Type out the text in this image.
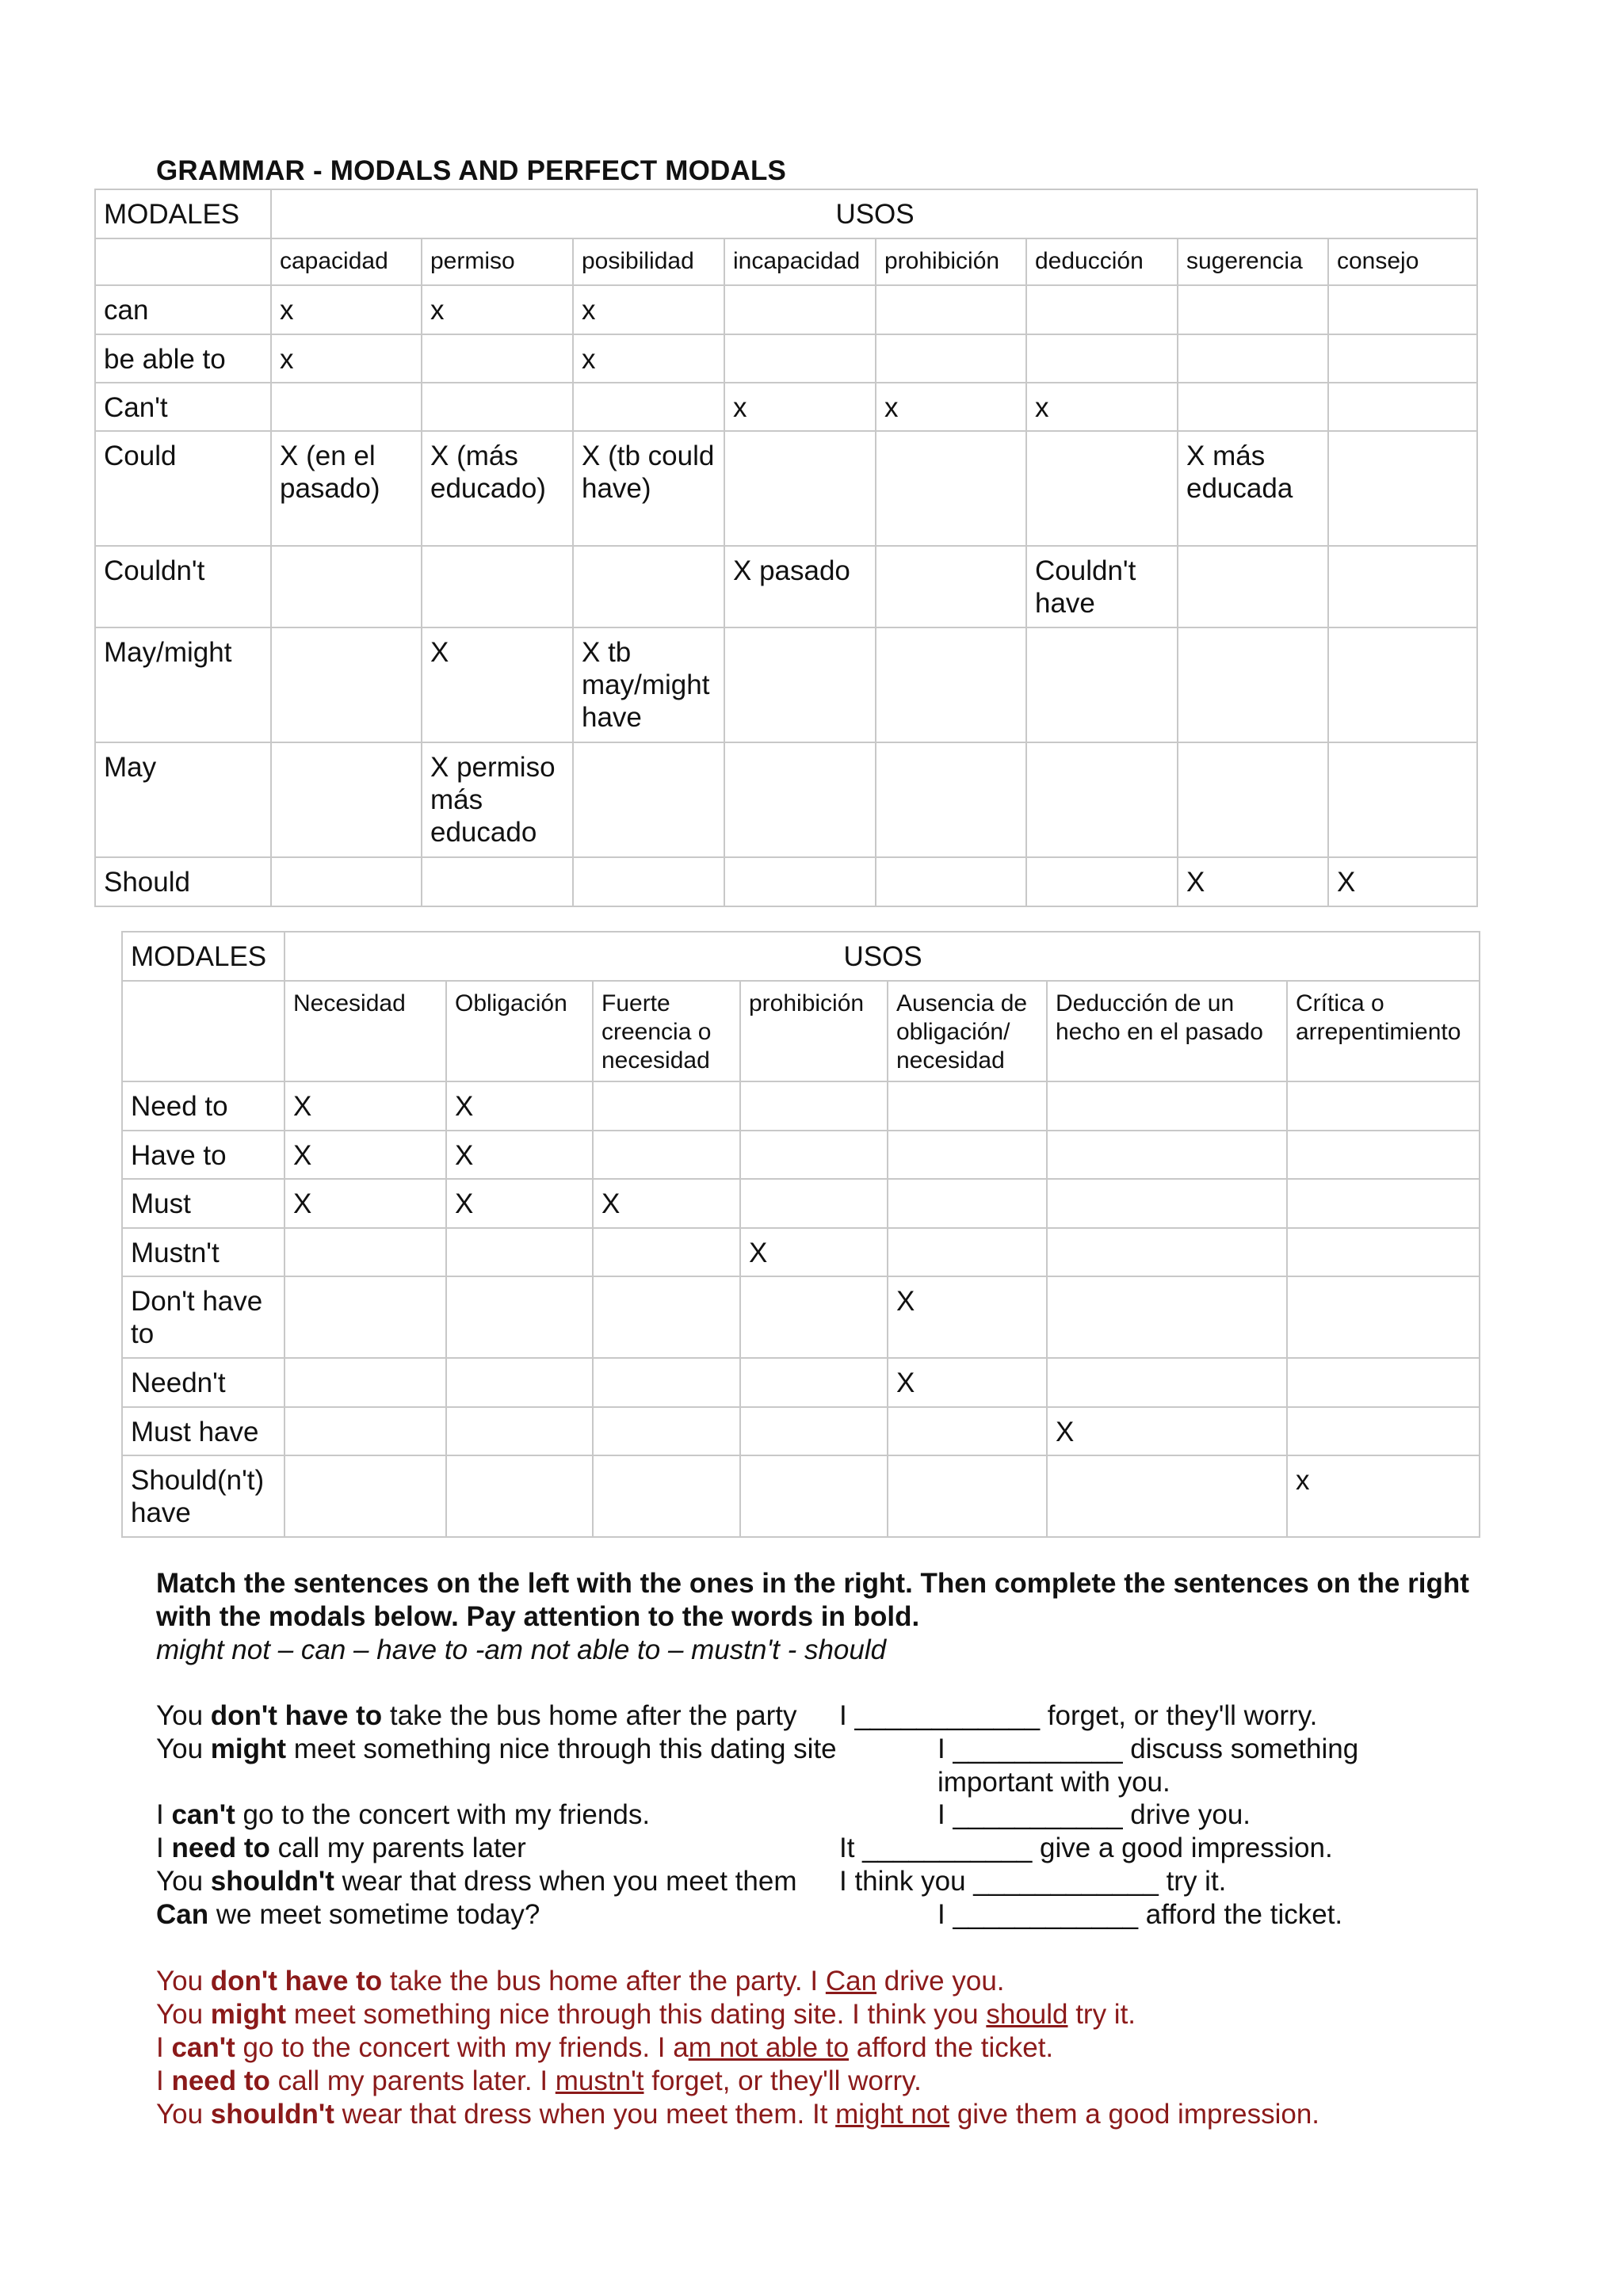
GRAMMAR - MODALS AND PERFECT MODALS
MODALES	USOS							
	capacidad	permiso	posibilidad	incapacidad	prohibición	deducción	sugerencia	consejo
can	x	x	x					
be able to	x		x					
Can't				x	x	x		
Could	X (en el pasado)	X (más educado)	X (tb could have)				X más educada	
Couldn't				X pasado		Couldn't have		
May/might		X	X tb may/might have					
May		X permiso más educado						
Should							X	X
MODALES	USOS						
	Necesidad	Obligación	Fuerte creencia o necesidad	prohibición	Ausencia de obligación/ necesidad	Deducción de un hecho en el pasado	Crítica o arrepentimiento
Need to	X	X					
Have to	X	X					
Must	X	X	X				
Mustn't				X			
Don't have to					X		
Needn't					X		
Must have						X	
Should(n't) have							x
Match the sentences on the left with the ones in the right. Then complete the sentences on the right with the modals below. Pay attention to the words in bold.
might not – can – have to -am not able to – mustn't - should
You don't have to take the bus home after the party
You might meet something nice through this dating site
I can't go to the concert with my friends.
I need to call my parents later
You shouldn't wear that dress when you meet them
Can we meet sometime today?
I ____________ forget, or they'll worry.
I ___________ discuss something
important with you.
I ___________ drive you.
It ___________ give a good impression.
I think you ____________ try it.
I ____________ afford the ticket.
You don't have to take the bus home after the party. I Can drive you.
You might meet something nice through this dating site. I think you should try it.
I can't go to the concert with my friends. I am not able to afford the ticket.
I need to call my parents later. I mustn't forget, or they'll worry.
You shouldn't wear that dress when you meet them. It might not give them a good impression.
